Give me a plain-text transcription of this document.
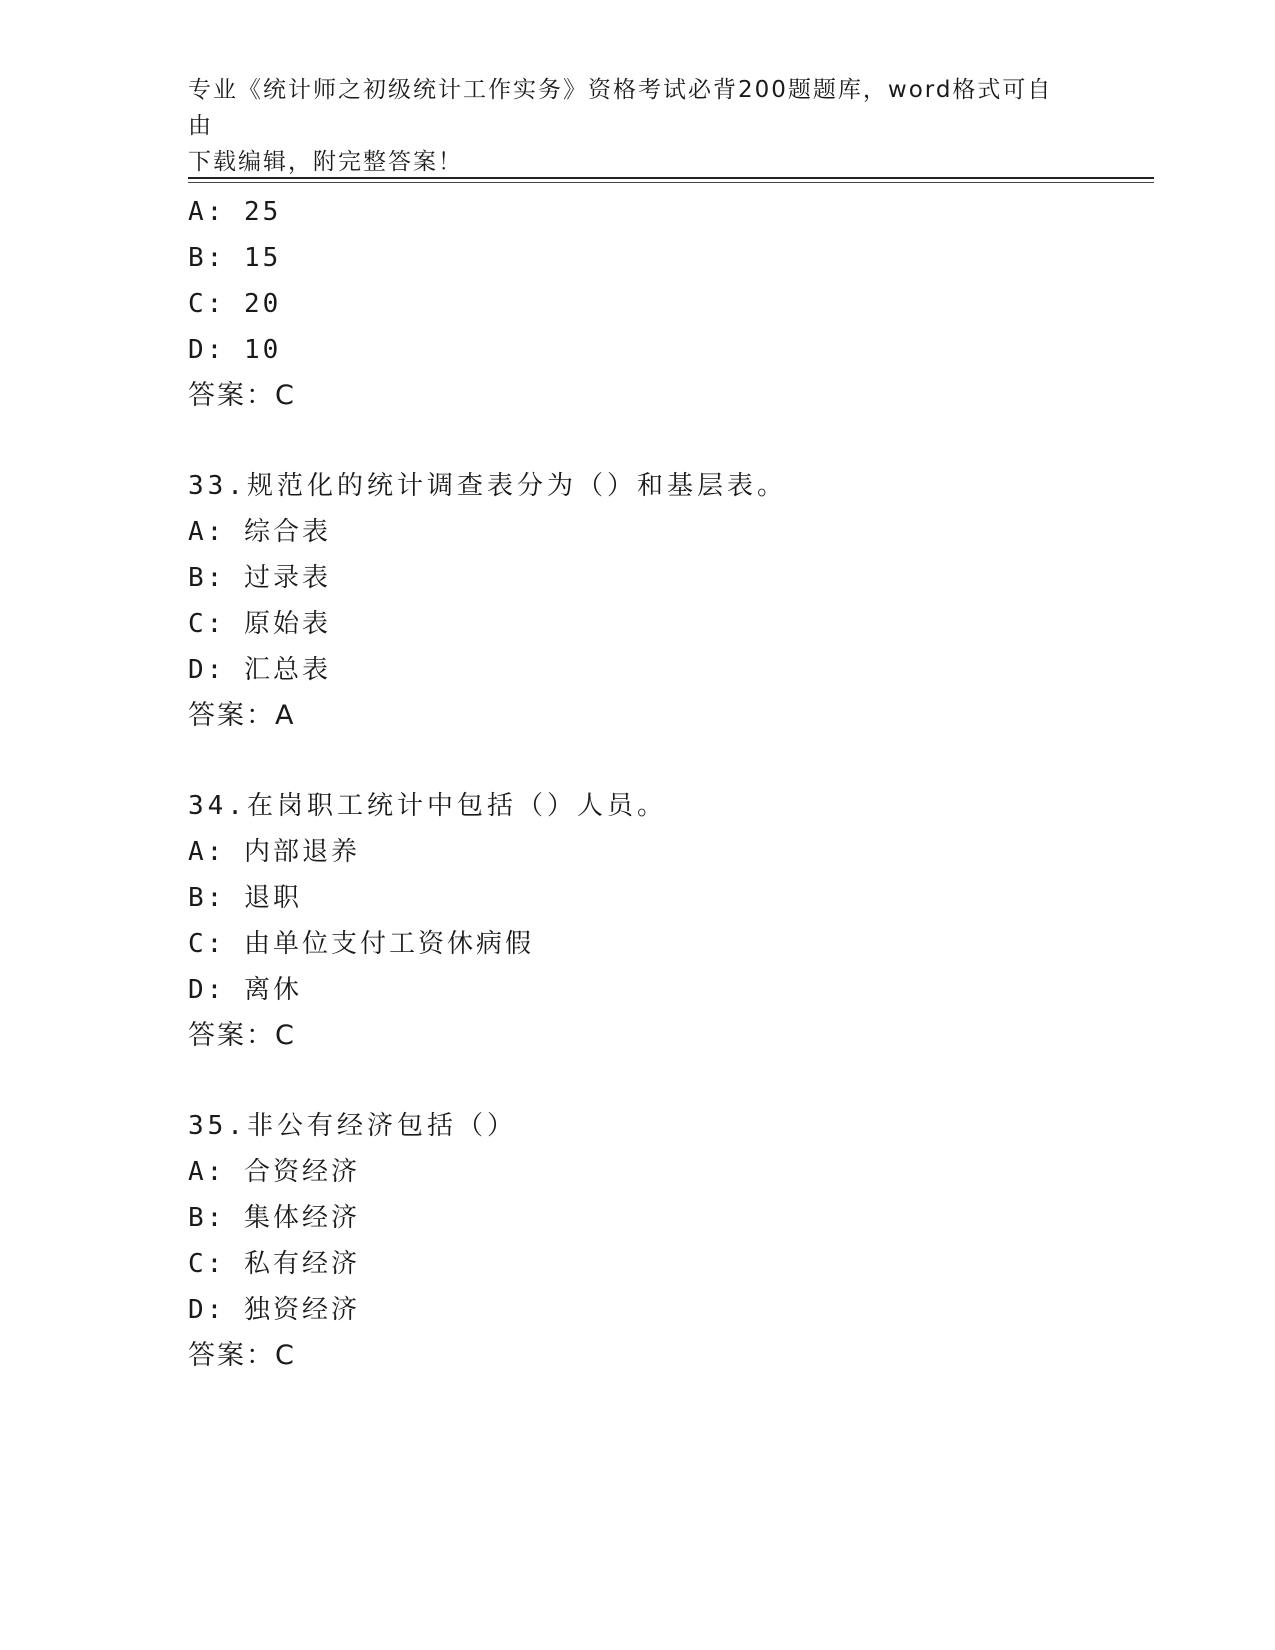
专业《统计师之初级统计工作实务》资格考试必背200题题库，word格式可自由
下载编辑，附完整答案！
A: 25
B: 15
C: 20
D: 10
答案：C
33.规范化的统计调查表分为（）和基层表。
A: 综合表
B: 过录表
C: 原始表
D: 汇总表
答案：A
34.在岗职工统计中包括（）人员。
A: 内部退养
B: 退职
C: 由单位支付工资休病假
D: 离休
答案：C
35.非公有经济包括（）
A: 合资经济
B: 集体经济
C: 私有经济
D: 独资经济
答案：C
